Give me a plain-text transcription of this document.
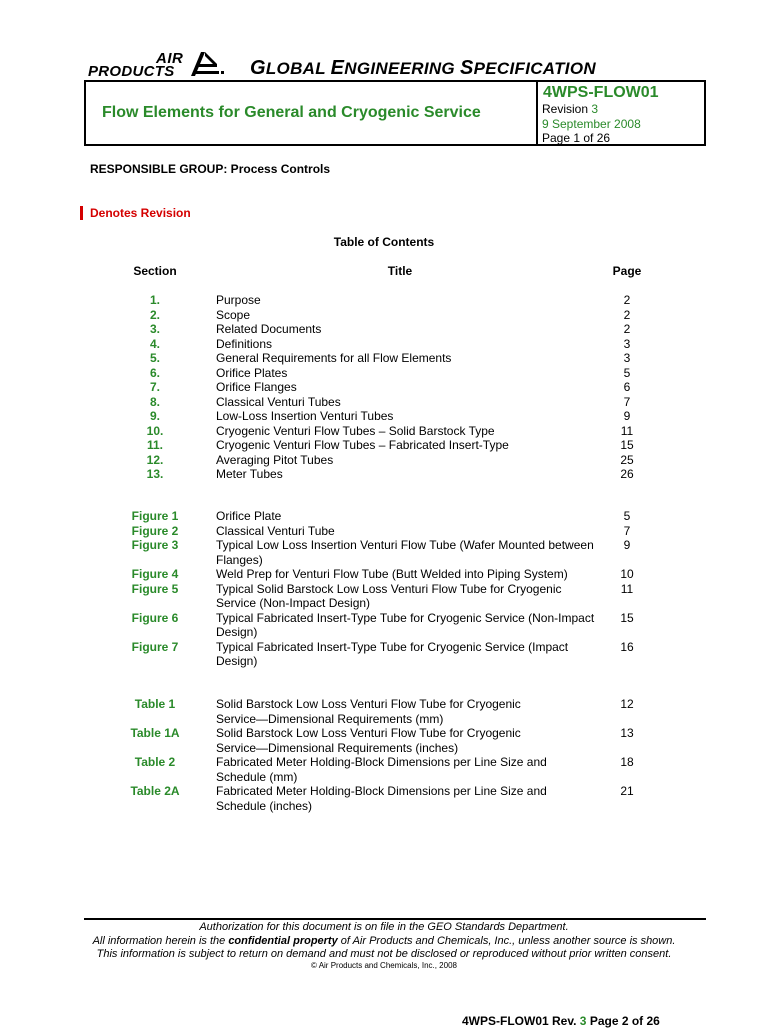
AIR
PRODUCTS	GLOBAL ENGINEERING SPECIFICATION
Flow Elements for General and Cryogenic Service
4WPS-FLOW01
Revision 3
9 September 2008
Page 1 of 26
RESPONSIBLE GROUP: Process Controls
Denotes Revision
Table of Contents
Section	Title	Page
1.	Purpose	2
2.	Scope	2
3.	Related Documents	2
4.	Definitions	3
5.	General Requirements for all Flow Elements	3
6.	Orifice Plates	5
7.	Orifice Flanges	6
8.	Classical Venturi Tubes	7
9.	Low-Loss Insertion Venturi Tubes	9
10.	Cryogenic Venturi Flow Tubes – Solid Barstock Type	11
11.	Cryogenic Venturi Flow Tubes – Fabricated Insert-Type	15
12.	Averaging Pitot Tubes	25
13.	Meter Tubes	26
Figure 1	Orifice Plate	5
Figure 2	Classical Venturi Tube	7
Figure 3	Typical Low Loss Insertion Venturi Flow Tube (Wafer Mounted between Flanges)
9
Figure 4	Weld Prep for Venturi Flow Tube (Butt Welded into Piping System)	10
Figure 5	Typical Solid Barstock Low Loss Venturi Flow Tube for Cryogenic Service (Non-Impact Design)
11
Figure 6	Typical Fabricated Insert-Type Tube for Cryogenic Service (Non-Impact Design)
15
Figure 7	Typical Fabricated Insert-Type Tube for Cryogenic Service (Impact Design)
16
Table 1	Solid Barstock Low Loss Venturi Flow Tube for Cryogenic Service—Dimensional Requirements (mm)
12
Table 1A	Solid Barstock Low Loss Venturi Flow Tube for Cryogenic Service—Dimensional Requirements (inches)
13
Table 2	Fabricated Meter Holding-Block Dimensions per Line Size and Schedule (mm)
18
Table 2A	Fabricated Meter Holding-Block Dimensions per Line Size and Schedule (inches)
21
Authorization for this document is on file in the GEO Standards Department.
All information herein is the confidential property of Air Products and Chemicals, Inc., unless another source is shown.
This information is subject to return on demand and must not be disclosed or reproduced without prior written consent.
© Air Products and Chemicals, Inc., 2008
4WPS-FLOW01 Rev. 3 Page 2 of 26
